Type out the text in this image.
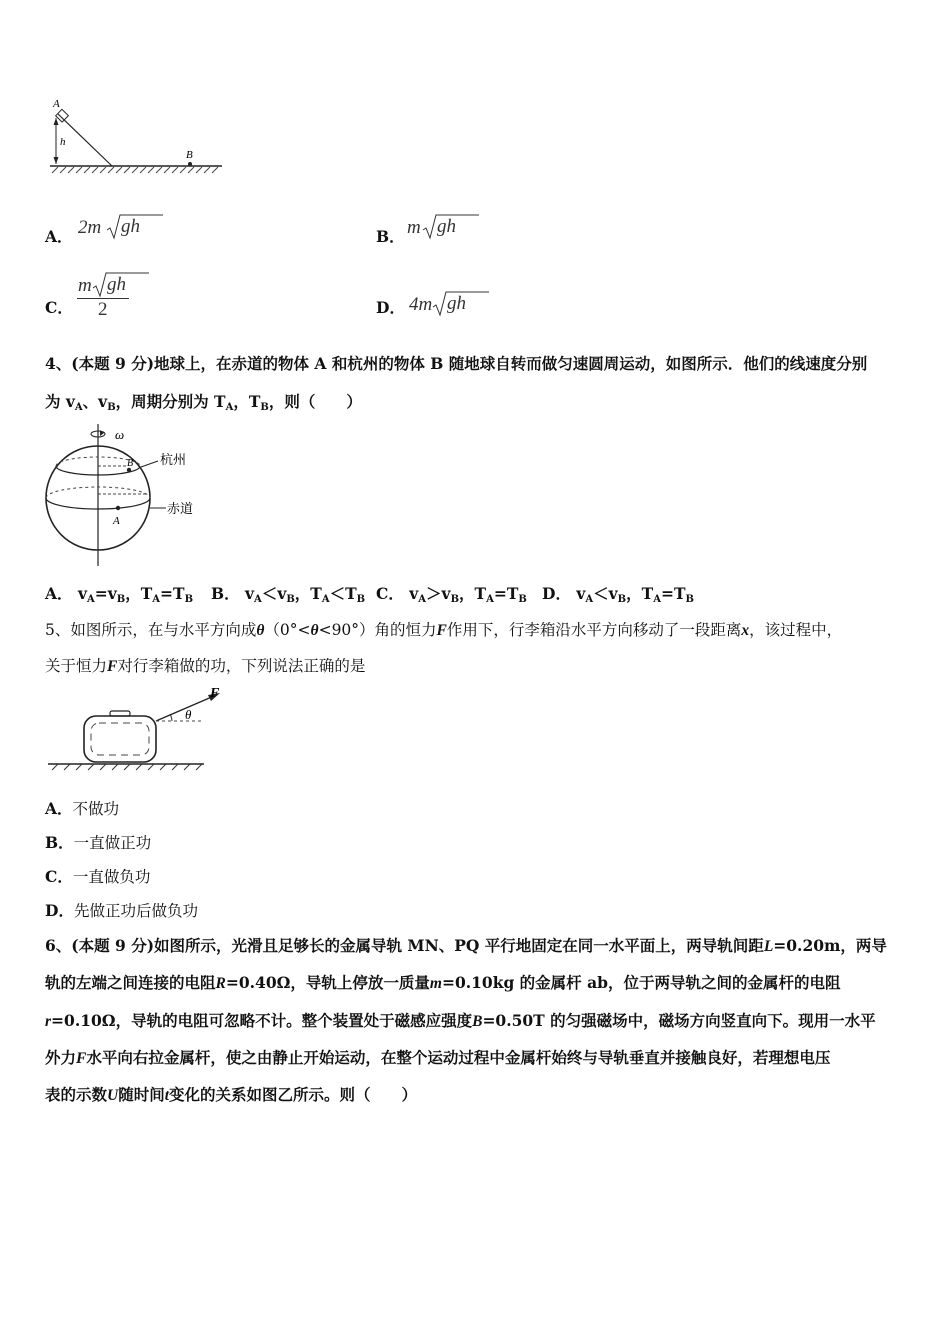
A
h
B
A． 2m gh	B． m gh
C．
m gh
2	D． 4m gh
4、(本题 9 分)地球上，在赤道的物体 A 和杭州的物体 B 随地球自转而做匀速圆周运动，如图所示．他们的线速度分别
为 $v_A$、$v_B$，周期分别为 $T_A$，$T_B$，则（　　）
ω
B
A
杭州
赤道
A． $v_A=v_B$，$T_A=T_B$ B． $v_A<v_B$，$T_A<T_B$ C． $v_A>v_B$，$T_A=T_B$ D． $v_A<v_B$，$T_A=T_B$
5、如图所示，在与水平方向成θ（0°<θ<90°）角的恒力F作用下，行李箱沿水平方向移动了一段距离x，该过程中，
关于恒力F对行李箱做的功，下列说法正确的是
θ
F
A．不做功
B．一直做正功
C．一直做负功
D．先做正功后做负功
6、(本题 9 分)如图所示，光滑且足够长的金属导轨 MN、PQ 平行地固定在同一水平面上，两导轨间距L=0.20m，两导
轨的左端之间连接的电阻R=0.40Ω，导轨上停放一质量m=0.10kg 的金属杆 ab，位于两导轨之间的金属杆的电阻
r=0.10Ω，导轨的电阻可忽略不计。整个装置处于磁感应强度B=0.50T 的匀强磁场中，磁场方向竖直向下。现用一水平
外力F水平向右拉金属杆，使之由静止开始运动，在整个运动过程中金属杆始终与导轨垂直并接触良好，若理想电压
表的示数U随时间t变化的关系如图乙所示。则（　　）
